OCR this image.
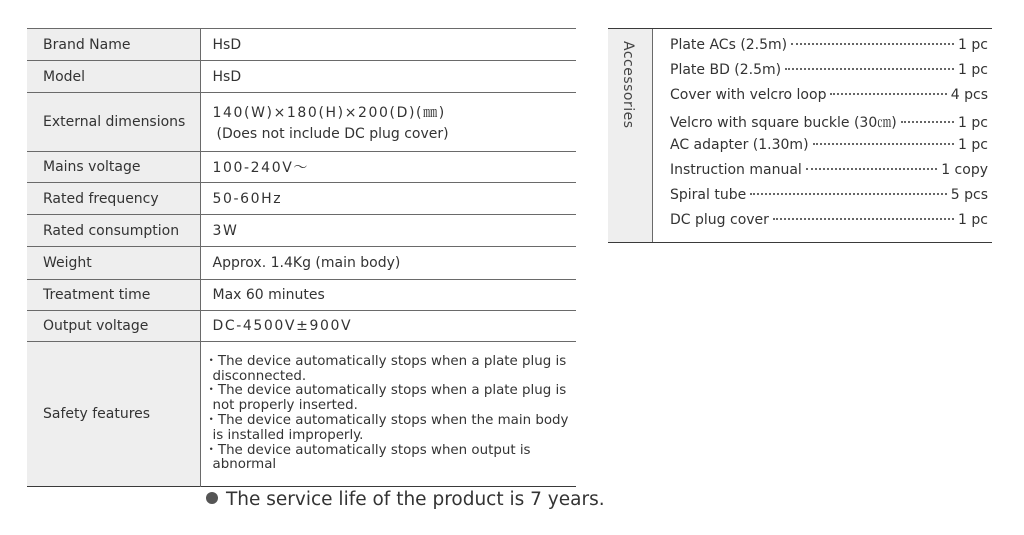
Brand Name	HsD
Model	HsD
External dimensions	140(W)×180(H)×200(D)(㎜)
(Does not include DC plug cover)

Mains voltage	100-240V～
Rated frequency	50-60Hz
Rated consumption	3W
Weight	Approx. 1.4Kg (main body)
Treatment time	Max 60 minutes
Output voltage	DC-4500V±900V
Safety features	・The device automatically stops when a plate plug is disconnected.
・The device automatically stops when a plate plug is not properly inserted.
・The device automatically stops when the main body is installed improperly.
・The device automatically stops when output is abnormal
The service life of the product is 7 years.
Accessories Plate ACs (2.5m)	1 pc
Plate BD (2.5m)	1 pc
Cover with velcro loop	4 pcs
Velcro with square buckle (30㎝)	1 pc
AC adapter (1.30m)	1 pc
Instruction manual	1 copy
Spiral tube	5 pcs
DC plug cover	1 pc
